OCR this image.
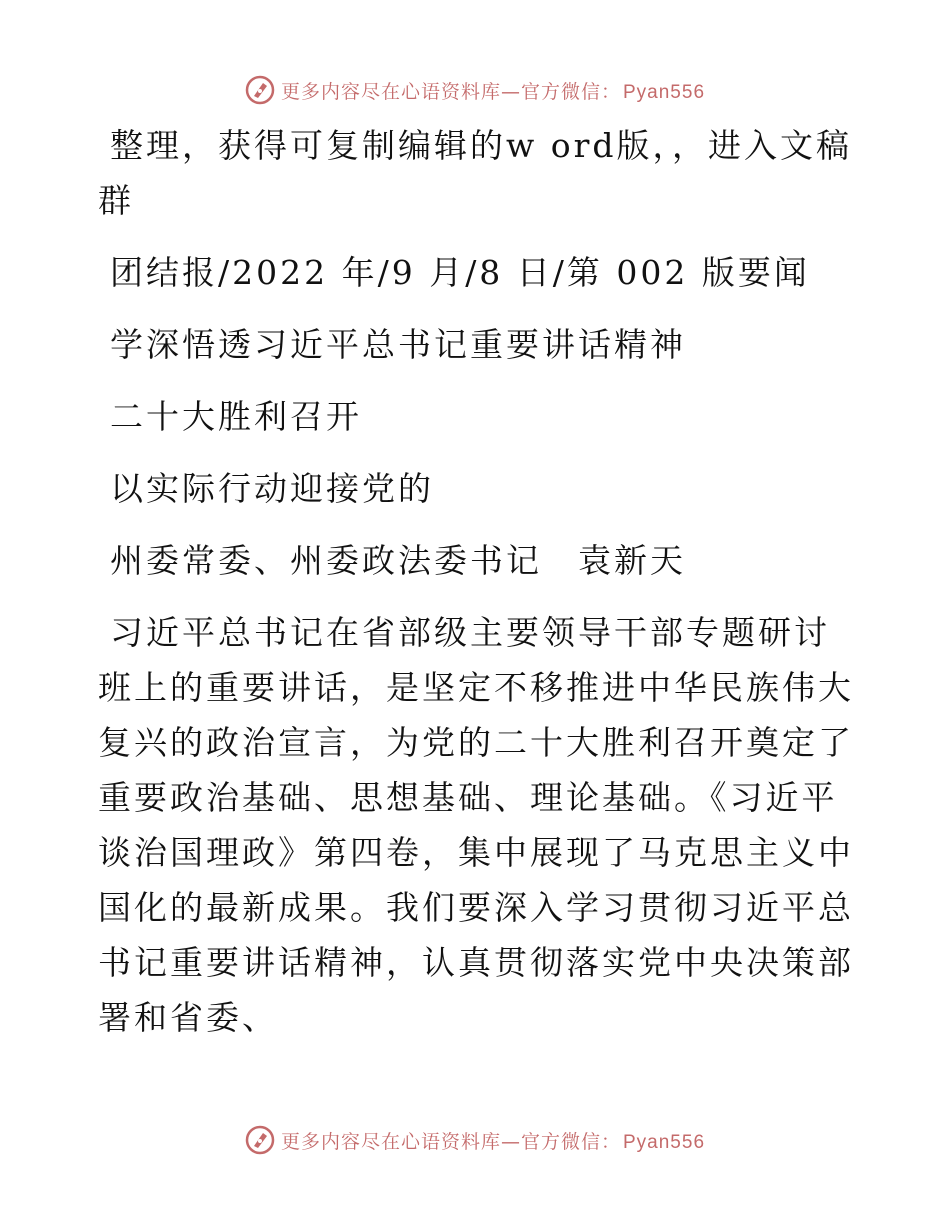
更多内容尽在心语资料库—官方微信： Pyan556

整理，获得可复制编辑的w ord版，，进入文稿群

团结报/2022 年/9 月/8 日/第 002 版要闻

学深悟透习近平总书记重要讲话精神

二十大胜利召开

以实际行动迎接党的

州委常委、州委政法委书记　袁新天

习近平总书记在省部级主要领导干部专题研讨班上的重要讲话，是坚定不移推进中华民族伟大复兴的政治宣言，为党的二十大胜利召开奠定了重要政治基础、思想基础、理论基础。《习近平谈治国理政》第四卷，集中展现了马克思主义中国化的最新成果。我们要深入学习贯彻习近平总书记重要讲话精神，认真贯彻落实党中央决策部署和省委、

更多内容尽在心语资料库—官方微信： Pyan556
